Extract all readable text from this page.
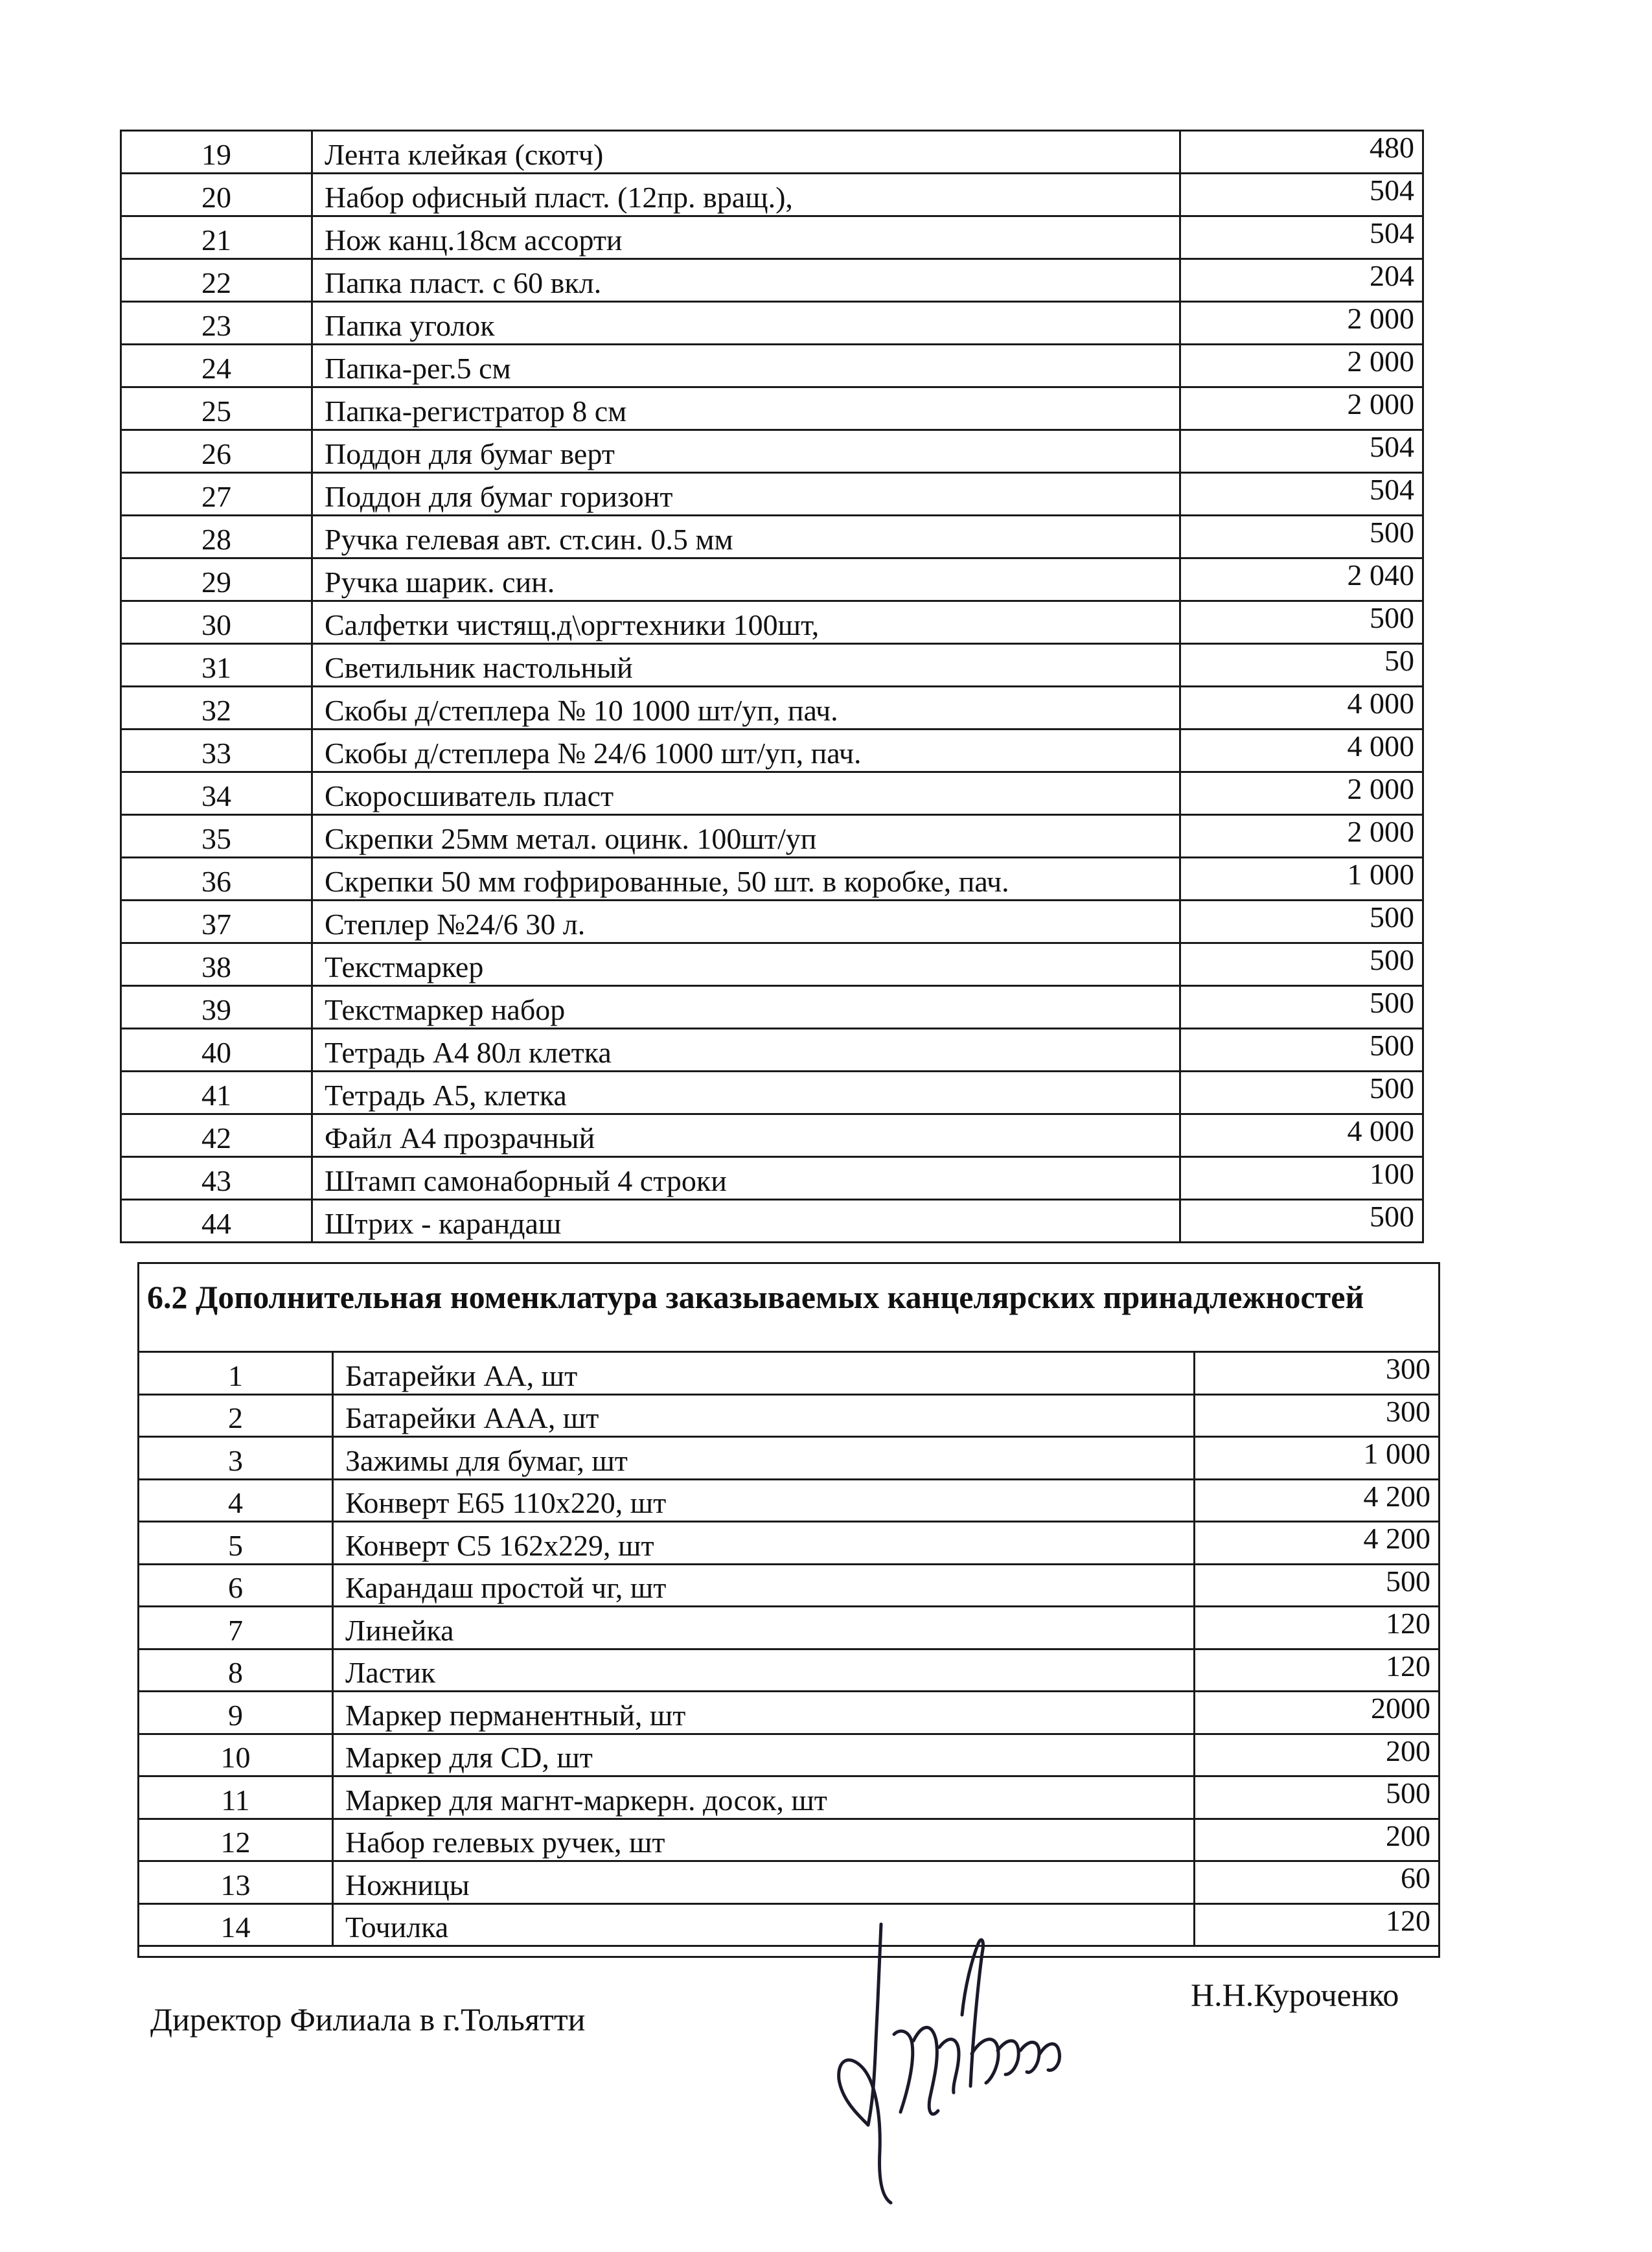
19	Лента клейкая (скотч)	480
20	Набор офисный пласт. (12пр. вращ.),	504
21	Нож канц.18см ассорти	504
22	Папка пласт. с 60 вкл.	204
23	Папка уголок	2 000
24	Папка-рег.5 см	2 000
25	Папка-регистратор 8 см	2 000
26	Поддон для бумаг верт	504
27	Поддон для бумаг горизонт	504
28	Ручка гелевая авт. ст.син. 0.5 мм	500
29	Ручка шарик. син.	2 040
30	Салфетки чистящ.д\оргтехники 100шт,	500
31	Светильник настольный	50
32	Скобы д/степлера № 10 1000 шт/уп, пач.	4 000
33	Скобы д/степлера № 24/6 1000 шт/уп, пач.	4 000
34	Скоросшиватель пласт	2 000
35	Скрепки 25мм метал. оцинк. 100шт/уп	2 000
36	Скрепки 50 мм гофрированные, 50 шт. в коробке, пач.	1 000
37	Степлер №24/6 30 л.	500
38	Текстмаркер	500
39	Текстмаркер набор	500
40	Тетрадь А4 80л клетка	500
41	Тетрадь А5, клетка	500
42	Файл А4 прозрачный	4 000
43	Штамп самонаборный 4 строки	100
44	Штрих - карандаш	500
6.2 Дополнительная номенклатура заказываемых канцелярских принадлежностей
1	Батарейки АА, шт	300
2	Батарейки ААА, шт	300
3	Зажимы для бумаг, шт	1 000
4	Конверт Е65 110х220, шт	4 200
5	Конверт С5 162х229, шт	4 200
6	Карандаш простой чг, шт	500
7	Линейка	120
8	Ластик	120
9	Маркер перманентный, шт	2000
10	Маркер для CD, шт	200
11	Маркер для магнт-маркерн. досок, шт	500
12	Набор гелевых ручек, шт	200
13	Ножницы	60
14	Точилка	120
Директор Филиала в г.Тольятти
Н.Н.Куроченко
